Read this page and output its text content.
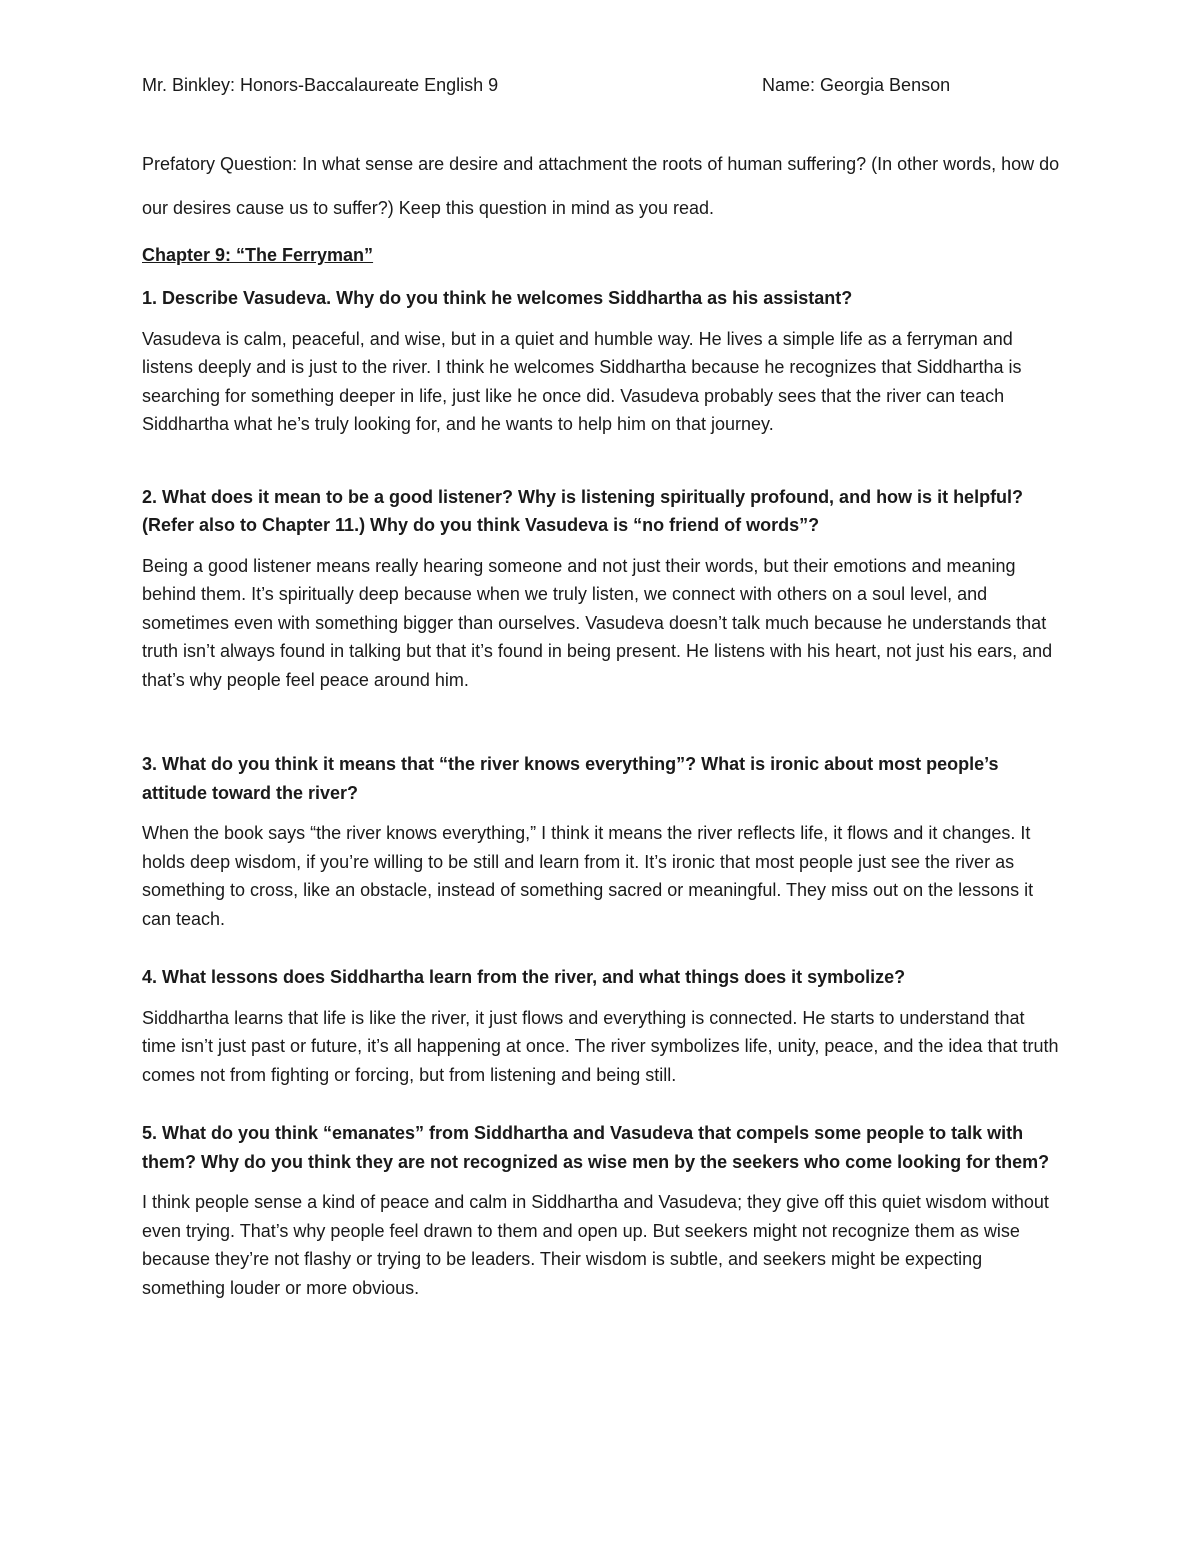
Mr. Binkley: Honors-Baccalaureate English 9	Name: Georgia Benson
Prefatory Question: In what sense are desire and attachment the roots of human suffering? (In other words, how do our desires cause us to suffer?) Keep this question in mind as you read.
Chapter 9: “The Ferryman”
1. Describe Vasudeva. Why do you think he welcomes Siddhartha as his assistant?
Vasudeva is calm, peaceful, and wise, but in a quiet and humble way. He lives a simple life as a ferryman and listens deeply and is just to the river. I think he welcomes Siddhartha because he recognizes that Siddhartha is searching for something deeper in life, just like he once did. Vasudeva probably sees that the river can teach Siddhartha what he’s truly looking for, and he wants to help him on that journey.
2. What does it mean to be a good listener? Why is listening spiritually profound, and how is it helpful? (Refer also to Chapter 11.) Why do you think Vasudeva is “no friend of words”?
Being a good listener means really hearing someone and not just their words, but their emotions and meaning behind them. It’s spiritually deep because when we truly listen, we connect with others on a soul level, and sometimes even with something bigger than ourselves. Vasudeva doesn’t talk much because he understands that truth isn’t always found in talking but that it’s found in being present. He listens with his heart, not just his ears, and that’s why people feel peace around him.
3. What do you think it means that “the river knows everything”? What is ironic about most people’s attitude toward the river?
When the book says “the river knows everything,” I think it means the river reflects life, it flows and it changes. It holds deep wisdom, if you’re willing to be still and learn from it. It’s ironic that most people just see the river as something to cross, like an obstacle, instead of something sacred or meaningful. They miss out on the lessons it can teach.
4. What lessons does Siddhartha learn from the river, and what things does it symbolize?
Siddhartha learns that life is like the river, it just flows and everything is connected. He starts to understand that time isn’t just past or future, it’s all happening at once. The river symbolizes life, unity, peace, and the idea that truth comes not from fighting or forcing, but from listening and being still.
5. What do you think “emanates” from Siddhartha and Vasudeva that compels some people to talk with them? Why do you think they are not recognized as wise men by the seekers who come looking for them?
I think people sense a kind of peace and calm in Siddhartha and Vasudeva; they give off this quiet wisdom without even trying. That’s why people feel drawn to them and open up. But seekers might not recognize them as wise because they’re not flashy or trying to be leaders. Their wisdom is subtle, and seekers might be expecting something louder or more obvious.
